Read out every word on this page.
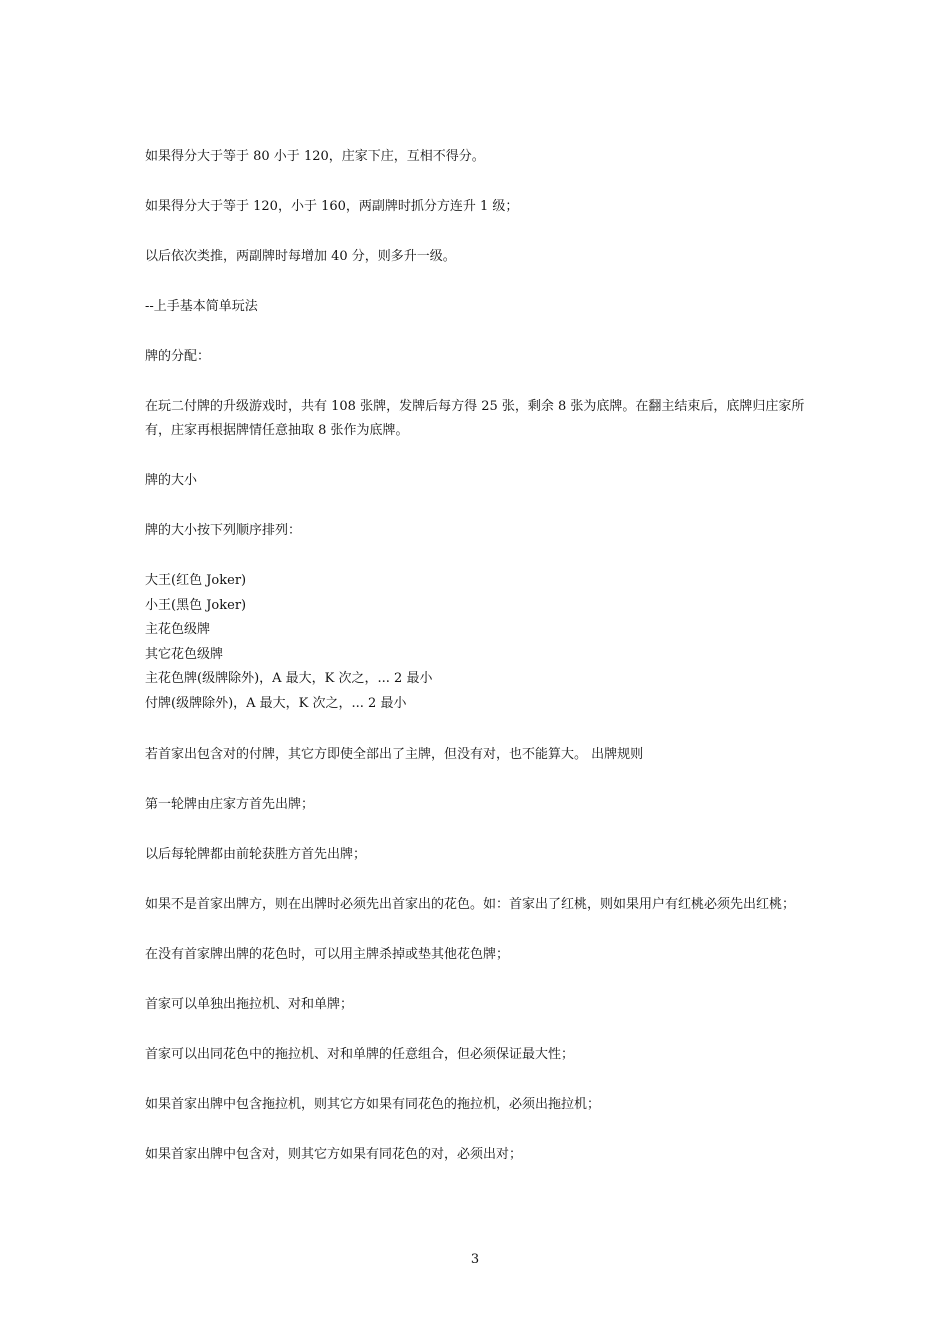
如果得分大于等于 80 小于 120，庄家下庄，互相不得分。

如果得分大于等于 120，小于 160，两副牌时抓分方连升 1 级；

以后依次类推，两副牌时每增加 40 分，则多升一级。

--上手基本简单玩法

牌的分配：

在玩二付牌的升级游戏时，共有 108 张牌，发牌后每方得 25 张，剩余 8 张为底牌。在翻主结束后，底牌归庄家所有，庄家再根据牌情任意抽取 8 张作为底牌。

牌的大小

牌的大小按下列顺序排列：

大王(红色 Joker)
小王(黑色 Joker)
主花色级牌
其它花色级牌
主花色牌(级牌除外)，A 最大，K 次之，... 2 最小
付牌(级牌除外)，A 最大，K 次之，... 2 最小

若首家出包含对的付牌，其它方即使全部出了主牌，但没有对，也不能算大。 出牌规则

第一轮牌由庄家方首先出牌；

以后每轮牌都由前轮获胜方首先出牌；

如果不是首家出牌方，则在出牌时必须先出首家出的花色。如：首家出了红桃，则如果用户有红桃必须先出红桃；

在没有首家牌出牌的花色时，可以用主牌杀掉或垫其他花色牌；

首家可以单独出拖拉机、对和单牌；

首家可以出同花色中的拖拉机、对和单牌的任意组合，但必须保证最大性；

如果首家出牌中包含拖拉机，则其它方如果有同花色的拖拉机，必须出拖拉机；

如果首家出牌中包含对，则其它方如果有同花色的对，必须出对；

3
